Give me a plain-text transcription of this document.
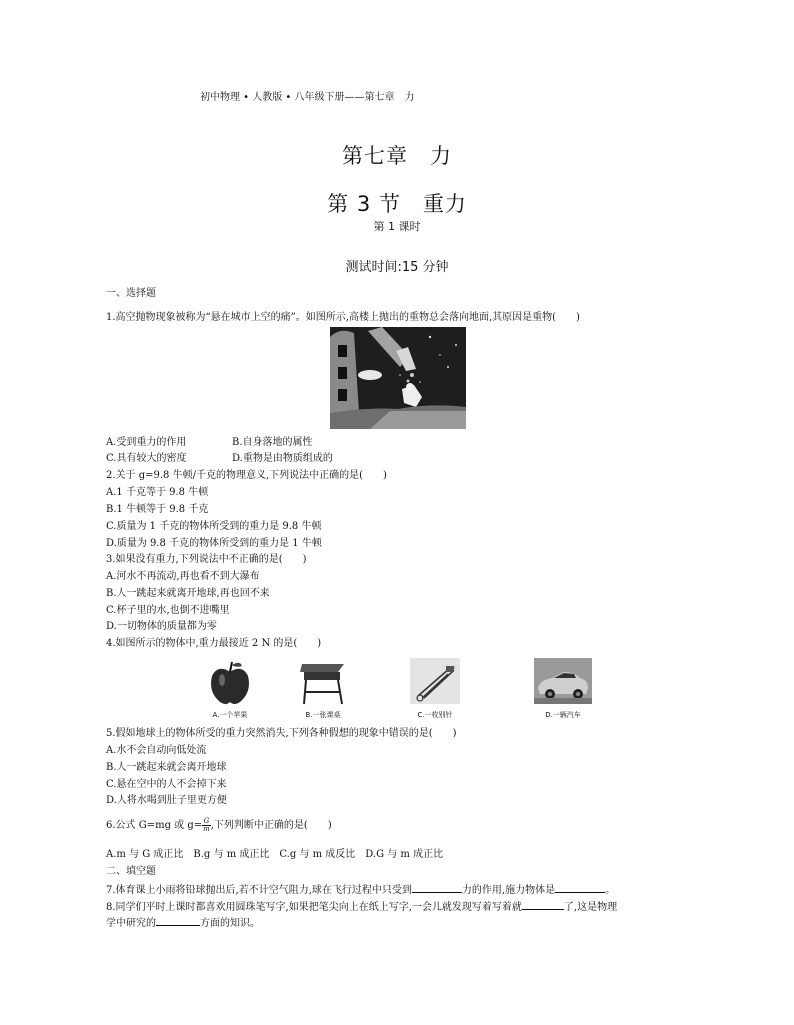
初中物理 • 人教版 • 八年级下册——第七章　力
第七章　力
第 3 节　重力
第 1 课时
测试时间:15 分钟
一、选择题
1.高空抛物现象被称为“悬在城市上空的痛”。如图所示,高楼上抛出的重物总会落向地面,其原因是重物(　　)
A.受到重力的作用	B.自身落地的属性
C.具有较大的密度	D.重物是由物质组成的
2.关于 g=9.8 牛顿/千克的物理意义,下列说法中正确的是(　　)
A.1 千克等于 9.8 牛顿
B.1 牛顿等于 9.8 千克
C.质量为 1 千克的物体所受到的重力是 9.8 牛顿
D.质量为 9.8 千克的物体所受到的重力是 1 牛顿
3.如果没有重力,下列说法中不正确的是(　　)
A.河水不再流动,再也看不到大瀑布
B.人一跳起来就离开地球,再也回不来
C.杯子里的水,也倒不进嘴里
D.一切物体的质量都为零
4.如图所示的物体中,重力最接近 2 N 的是(　　)
A.一个苹果	B.一张课桌	C.一枚别针	D.一辆汽车
5.假如地球上的物体所受的重力突然消失,下列各种假想的现象中错误的是(　　)
A.水不会自动向低处流
B.人一跳起来就会离开地球
C.悬在空中的人不会掉下来
D.人将水喝到肚子里更方便
6.公式 G=mg 或 $g= \frac{G}{m}$ ,下列判断中正确的是(　　)
A.m 与 G 成正比　B.g 与 m 成正比　C.g 与 m 成反比　D.G 与 m 成正比
二、填空题
7.体育课上小雨将铅球抛出后,若不计空气阻力,球在飞行过程中只受到	力的作用,施力物体是	。
8.同学们平时上课时都喜欢用圆珠笔写字,如果把笔尖向上在纸上写字,一会儿就发现写着写着就	了,这是物理
学中研究的	方面的知识。
